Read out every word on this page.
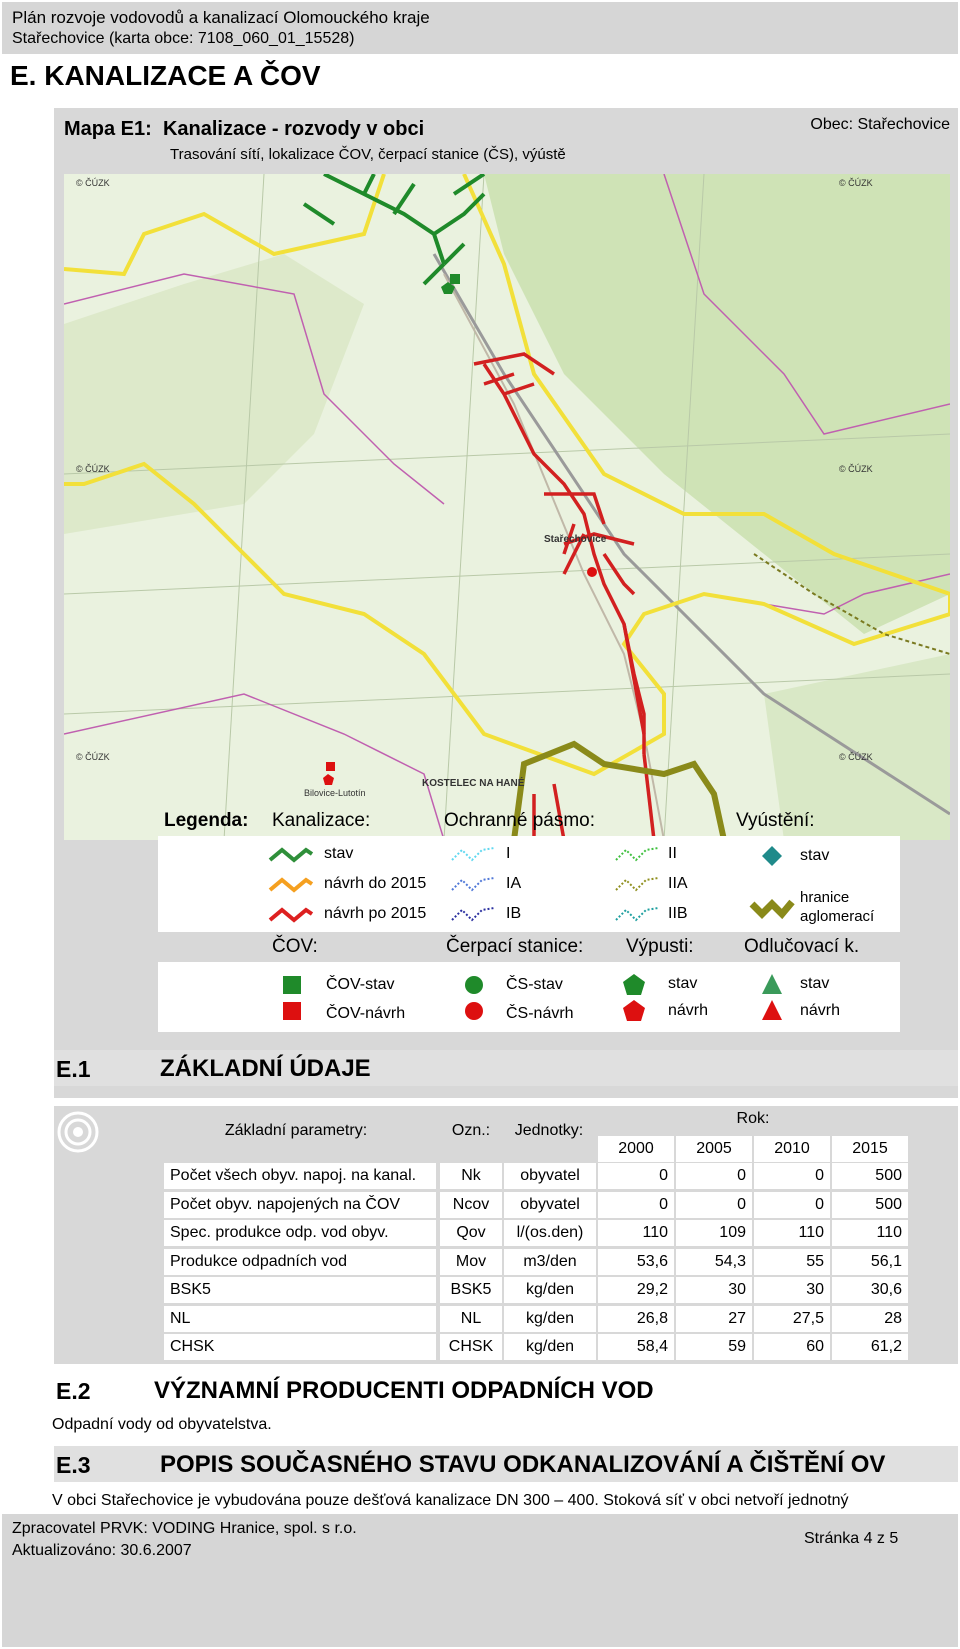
Plán rozvoje vodovodů a kanalizací Olomouckého kraje
Stařechovice (karta obce: 7108_060_01_15528)
E. KANALIZACE A ČOV
Mapa E1: Kanalizace - rozvody v obci
Trasování sítí, lokalizace ČOV, čerpací stanice (ČS), výústě
Obec: Stařechovice
© ČÚZK	© ČÚZK
© ČÚZK	© ČÚZK
© ČÚZK	© ČÚZK
Stařechovice
KOSTELEC NA HANÉ
Bilovice-Lutotín
Legenda: Kanalizace:	Ochranné pásmo:	Vyústění:
stav
návrh do 2015
návrh po 2015
I
IA
IB
II
IIA
IIB
stav
hranice
aglomerací
ČOV:	Čerpací stanice: Výpusti:	Odlučovací k.
ČOV-stav
ČOV-návrh
ČS-stav
ČS-návrh
stav
návrh
stav
návrh
E.1	ZÁKLADNÍ ÚDAJE
Základní parametry:	Ozn.:	Jednotky:
Rok:
2000	2005	2010	2015
Počet všech obyv. napoj. na kanal.	Nk	obyvatel	0	0	0	500
Počet obyv. napojených na ČOV	Ncov	obyvatel	0	0	0	500
Spec. produkce odp. vod obyv.	Qov	l/(os.den)	110	109	110	110
Produkce odpadních vod	Mov	m3/den	53,6	54,3	55	56,1
BSK5	BSK5	kg/den	29,2	30	30	30,6
NL	NL	kg/den	26,8	27	27,5	28
CHSK	CHSK	kg/den	58,4	59	60	61,2
E.2	VÝZNAMNÍ PRODUCENTI ODPADNÍCH VOD
Odpadní vody od obyvatelstva.
E.3	POPIS SOUČASNÉHO STAVU ODKANALIZOVÁNÍ A ČIŠTĚNÍ OV
V obci Stařechovice je vybudována pouze dešťová kanalizace DN 300 – 400. Stoková síť v obci netvoří jednotný
Zpracovatel PRVK: VODING Hranice, spol. s r.o.
Aktualizováno: 30.6.2007
Stránka 4 z 5
